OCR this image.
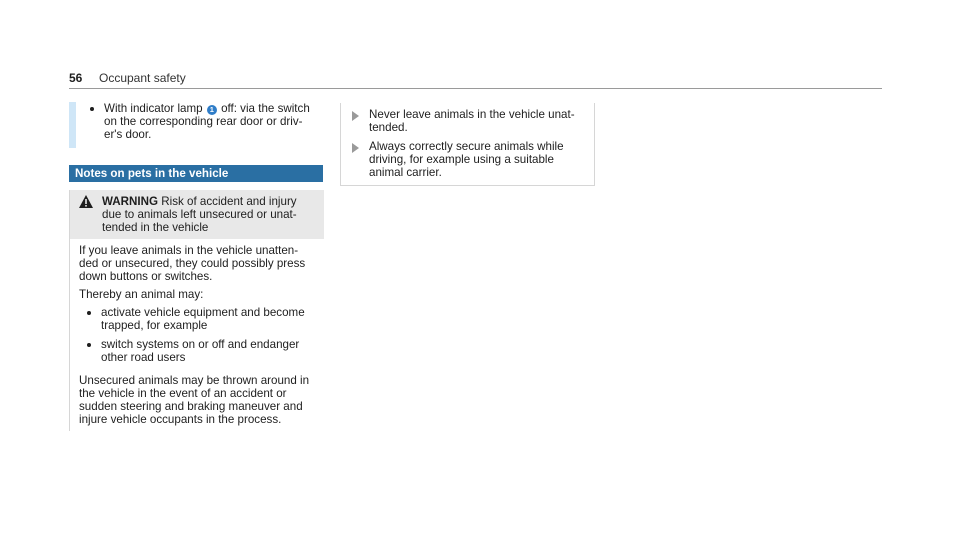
56 Occupant safety
With indicator lamp 1 off: via the switch
on the corresponding rear door or driv-
er's door.
Notes on pets in the vehicle
WARNING Risk of accident and injury
due to animals left unsecured or unat-
tended in the vehicle
If you leave animals in the vehicle unatten-
ded or unsecured, they could possibly press
down buttons or switches.
Thereby an animal may:
activate vehicle equipment and become
trapped, for example
switch systems on or off and endanger
other road users
Unsecured animals may be thrown around in
the vehicle in the event of an accident or
sudden steering and braking maneuver and
injure vehicle occupants in the process.
Never leave animals in the vehicle unat-
tended.
Always correctly secure animals while
driving, for example using a suitable
animal carrier.
